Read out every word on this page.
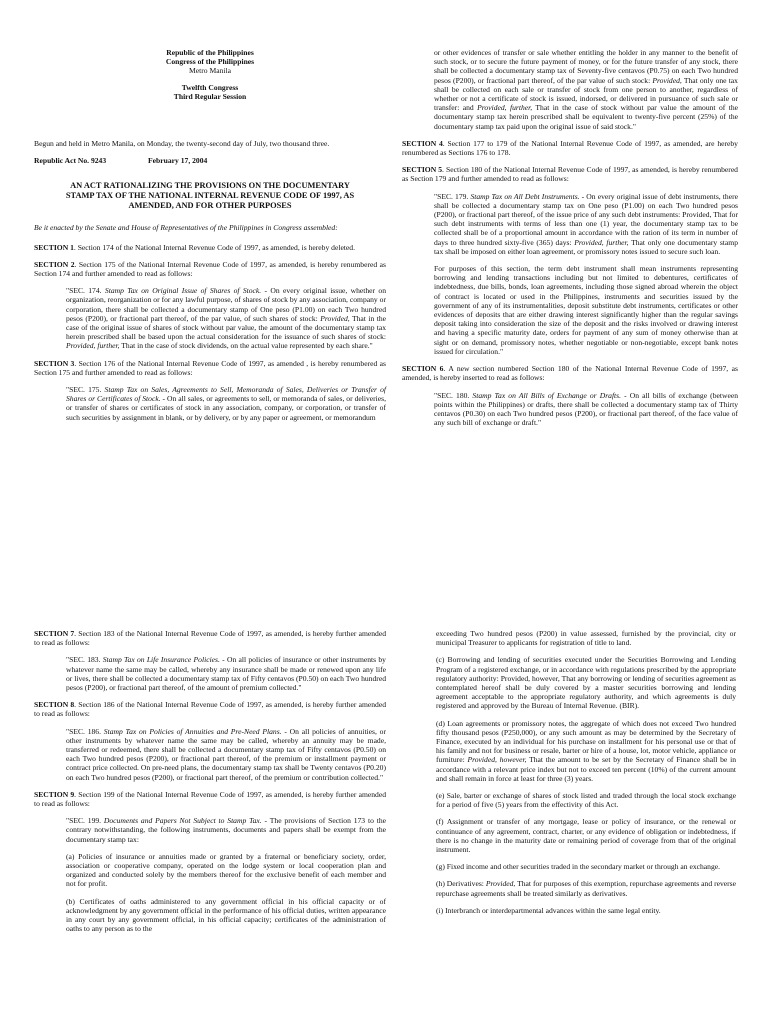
Republic of the Philippines
Congress of the Philippines
Metro Manila
Twelfth Congress
Third Regular Session

Begun and held in Metro Manila, on Monday, the twenty-second day of July, two thousand three.

Republic Act No. 9243	February 17, 2004
AN ACT RATIONALIZING THE PROVISIONS ON THE DOCUMENTARY STAMP TAX OF THE NATIONAL INTERNAL REVENUE CODE OF 1997, AS AMENDED, AND FOR OTHER PURPOSES

Be it enacted by the Senate and House of Representatives of the Philippines in Congress assembled:

SECTION 1. Section 174 of the National Internal Revenue Code of 1997, as amended, is hereby deleted.

SECTION 2. Section 175 of the National Internal Revenue Code of 1997, as amended, is hereby renumbered as Section 174 and further amended to read as follows:

"SEC. 174. Stamp Tax on Original Issue of Shares of Stock. - On every original issue, whether on organization, reorganization or for any lawful purpose, of shares of stock by any association, company or corporation, there shall be collected a documentary stamp of One peso (P1.00) on each Two hundred pesos (P200), or fractional part thereof, of the par value, of such shares of stock: Provided, That in the case of the original issue of shares of stock without par value, the amount of the documentary stamp tax herein prescribed shall be based upon the actual consideration for the issuance of such shares of stock: Provided, further, That in the case of stock dividends, on the actual value represented by each share."

SECTION 3. Section 176 of the National Internal Revenue Code of 1997, as amended , is hereby renumbered as Section 175 and further amended to read as follows:

"SEC. 175. Stamp Tax on Sales, Agreements to Sell, Memoranda of Sales, Deliveries or Transfer of Shares or Certificates of Stock. - On all sales, or agreements to sell, or memoranda of sales, or deliveries, or transfer of shares or certificates of stock in any association, company, or corporation, or transfer of such securities by assignment in blank, or by delivery, or by any paper or agreement, or memorandum

or other evidences of transfer or sale whether entitling the holder in any manner to the benefit of such stock, or to secure the future payment of money, or for the future transfer of any stock, there shall be collected a documentary stamp tax of Seventy-five centavos (P0.75) on each Two hundred pesos (P200), or fractional part thereof, of the par value of such stock: Provided, That only one tax shall be collected on each sale or transfer of stock from one person to another, regardless of whether or not a certificate of stock is issued, indorsed, or delivered in pursuance of such sale or transfer: and Provided, further, That in the case of stock without par value the amount of the documentary stamp tax herein prescribed shall be equivalent to twenty-five percent (25%) of the documentary stamp tax paid upon the original issue of said stock."

SECTION 4. Section 177 to 179 of the National Internal Revenue Code of 1997, as amended, are hereby renumbered as Sections 176 to 178.

SECTION 5. Section 180 of the National Internal Revenue Code of 1997, as amended, is hereby renumbered as Section 179 and further amended to read as follows:

"SEC. 179. Stamp Tax on All Debt Instruments. - On every original issue of debt instruments, there shall be collected a documentary stamp tax on One peso (P1.00) on each Two hundred pesos (P200), or fractional part thereof, of the issue price of any such debt instruments: Provided, That for such debt instruments with terms of less than one (1) year, the documentary stamp tax to be collected shall be of a proportional amount in accordance with the ration of its term in number of days to three hundred sixty-five (365) days: Provided, further, That only one documentary stamp tax shall be imposed on either loan agreement, or promissory notes issued to secure such loan.

For purposes of this section, the term debt instrument shall mean instruments representing borrowing and lending transactions including but not limited to debentures, certificates of indebtedness, due bills, bonds, loan agreements, including those signed abroad wherein the object of contract is located or used in the Philippines, instruments and securities issued by the government of any of its instrumentalities, deposit substitute debt instruments, certificates or other evidences of deposits that are either drawing interest significantly higher than the regular savings deposit taking into consideration the size of the deposit and the risks involved or drawing interest and having a specific maturity date, orders for payment of any sum of money otherwise than at sight or on demand, promissory notes, whether negotiable or non-negotiable, except bank notes issued for circulation."

SECTION 6. A new section numbered Section 180 of the National Internal Revenue Code of 1997, as amended, is hereby inserted to read as follows:

"SEC. 180. Stamp Tax on All Bills of Exchange or Drafts. - On all bills of exchange (between points within the Philippines) or drafts, there shall be collected a documentary stamp tax of Thirty centavos (P0.30) on each Two hundred pesos (P200), or fractional part thereof, of the face value of any such bill of exchange or draft."

SECTION 7. Section 183 of the National Internal Revenue Code of 1997, as amended, is hereby further amended to read as follows:

"SEC. 183. Stamp Tax on Life Insurance Policies. - On all policies of insurance or other instruments by whatever name the same may be called, whereby any insurance shall be made or renewed upon any life or lives, there shall be collected a documentary stamp tax of Fifty centavos (P0.50) on each Two hundred pesos (P200), or fractional part thereof, of the amount of premium collected."

SECTION 8. Section 186 of the National Internal Revenue Code of 1997, as amended, is hereby further amended to read as follows:

"SEC. 186. Stamp Tax on Policies of Annuities and Pre-Need Plans. - On all policies of annuities, or other instruments by whatever name the same may be called, whereby an annuity may be made, transferred or redeemed, there shall be collected a documentary stamp tax of Fifty centavos (P0.50) on each Two hundred pesos (P200), or fractional part thereof, of the premium or installment payment or contract price collected. On pre-need plans, the documentary stamp tax shall be Twenty centavos (P0.20) on each Two hundred pesos (P200), or fractional part thereof, of the premium or contribution collected."

SECTION 9. Section 199 of the National Internal Revenue Code of 1997, as amended, is hereby further amended to read as follows:

"SEC. 199. Documents and Papers Not Subject to Stamp Tax. - The provisions of Section 173 to the contrary notwithstanding, the following instruments, documents and papers shall be exempt from the documentary stamp tax:

(a) Policies of insurance or annuities made or granted by a fraternal or beneficiary society, order, association or cooperative company, operated on the lodge system or local cooperation plan and organized and conducted solely by the members thereof for the exclusive benefit of each member and not for profit.

(b) Certificates of oaths administered to any government official in his official capacity or of acknowledgment by any government official in the performance of his official duties, written appearance in any court by any government official, in his official capacity; certificates of the administration of oaths to any person as to the

exceeding Two hundred pesos (P200) in value assessed, furnished by the provincial, city or municipal Treasurer to applicants for registration of title to land.

(c) Borrowing and lending of securities executed under the Securities Borrowing and Lending Program of a registered exchange, or in accordance with regulations prescribed by the appropriate regulatory authority: Provided, however, That any borrowing or lending of securities agreement as contemplated hereof shall be duly covered by a master securities borrowing and lending agreement acceptable to the appropriate regulatory authority, and which agreements is duly registered and approved by the Bureau of Internal Revenue. (BIR).

(d) Loan agreements or promissory notes, the aggregate of which does not exceed Two hundred fifty thousand pesos (P250,000), or any such amount as may be determined by the Secretary of Finance, executed by an individual for his purchase on installment for his personal use or that of his family and not for business or resale, barter or hire of a house, lot, motor vehicle, appliance or furniture: Provided, however, That the amount to be set by the Secretary of Finance shall be in accordance with a relevant price index but not to exceed ten percent (10%) of the current amount and shall remain in force at least for three (3) years.

(e) Sale, barter or exchange of shares of stock listed and traded through the local stock exchange for a period of five (5) years from the effectivity of this Act.

(f) Assignment or transfer of any mortgage, lease or policy of insurance, or the renewal or continuance of any agreement, contract, charter, or any evidence of obligation or indebtedness, if there is no change in the maturity date or remaining period of coverage from that of the original instrument.

(g) Fixed income and other securities traded in the secondary market or through an exchange.

(h) Derivatives: Provided, That for purposes of this exemption, repurchase agreements and reverse repurchase agreements shall be treated similarly as derivatives.

(i) Interbranch or interdepartmental advances within the same legal entity.
